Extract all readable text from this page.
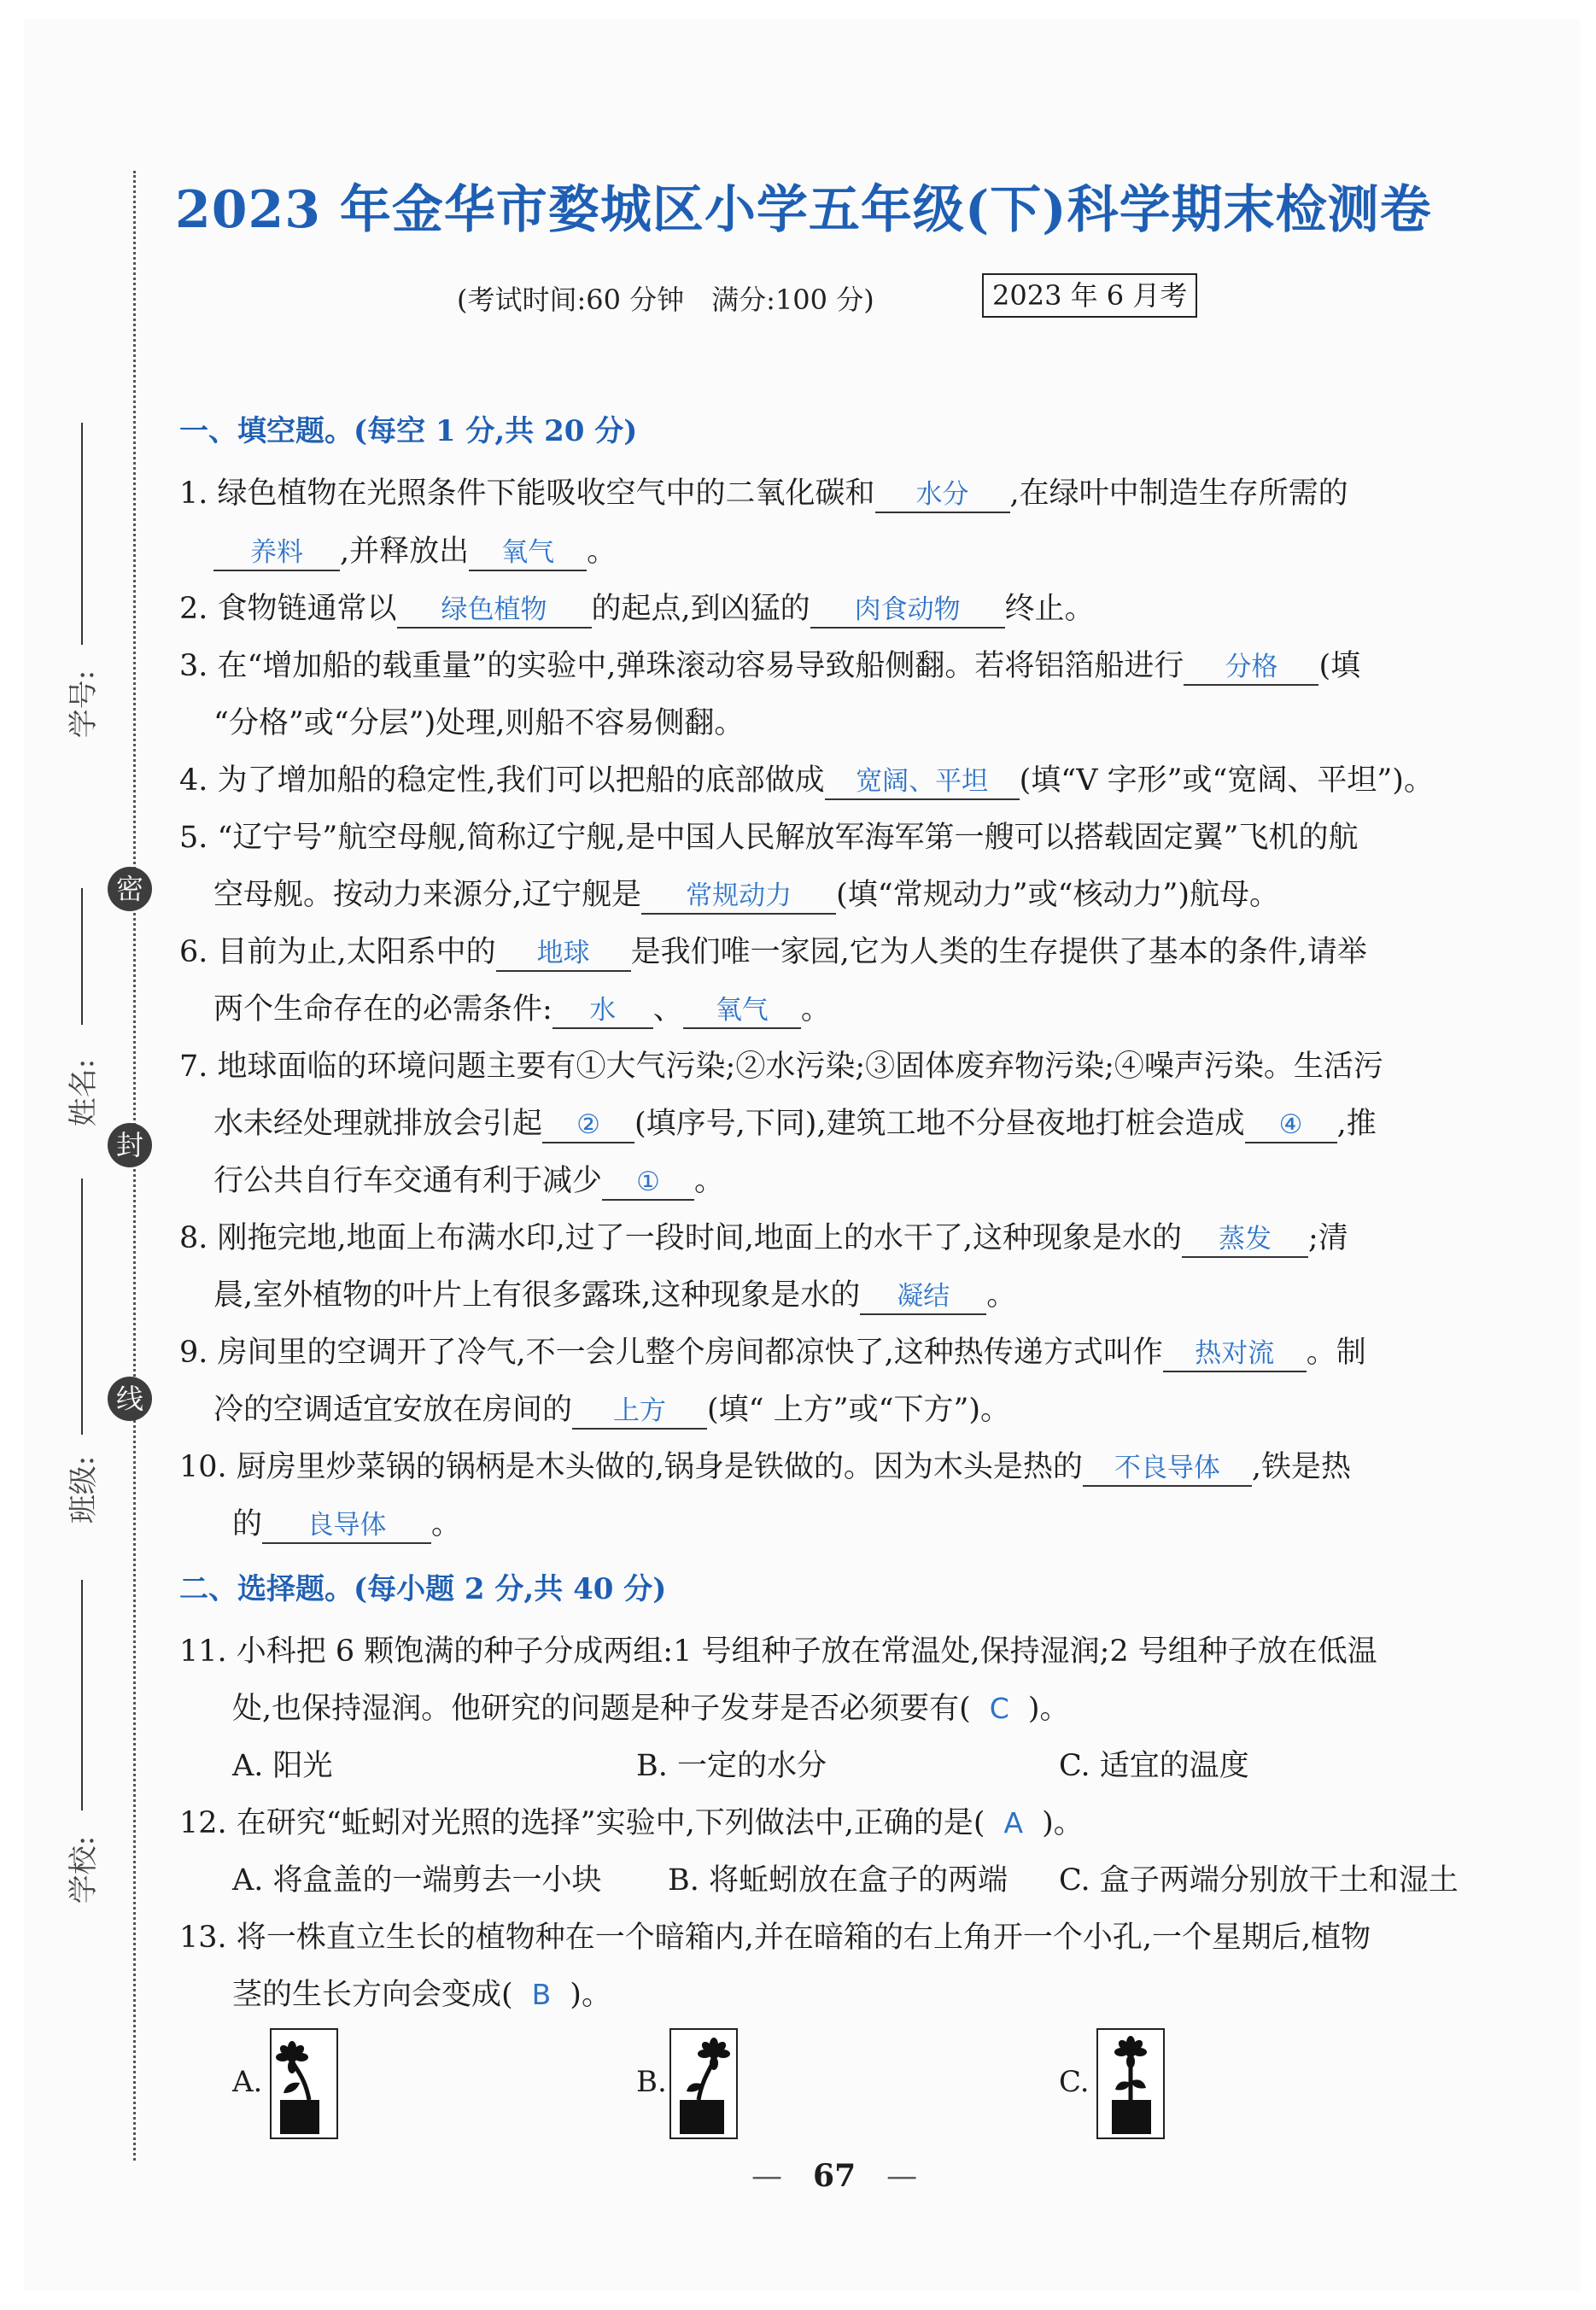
密
封
线
学号:
姓名:
班级:
学校:
2023 年金华市婺城区小学五年级(下)科学期末检测卷
(考试时间:60 分钟　满分:100 分)	2023 年 6 月考
一、填空题。(每空 1 分,共 20 分)
1. 绿色植物在光照条件下能吸收空气中的二氧化碳和 水分 ,在绿叶中制造生存所需的
养料 ,并释放出 氧气 。
2. 食物链通常以 绿色植物 的起点,到凶猛的 肉食动物 终止。
3. 在“增加船的载重量”的实验中,弹珠滚动容易导致船侧翻。若将铝箔船进行 分格 (填
“分格”或“分层”)处理,则船不容易侧翻。
4. 为了增加船的稳定性,我们可以把船的底部做成 宽阔、平坦 (填“V 字形”或“宽阔、平坦”)。
5. “辽宁号”航空母舰,简称辽宁舰,是中国人民解放军海军第一艘可以搭载固定翼”飞机的航
空母舰。按动力来源分,辽宁舰是 常规动力 (填“常规动力”或“核动力”)航母。
6. 目前为止,太阳系中的 地球 是我们唯一家园,它为人类的生存提供了基本的条件,请举
两个生命存在的必需条件: 水 、 氧气 。
7. 地球面临的环境问题主要有①大气污染;②水污染;③固体废弃物污染;④噪声污染。生活污
水未经处理就排放会引起 ② (填序号,下同),建筑工地不分昼夜地打桩会造成 ④ ,推
行公共自行车交通有利于减少 ① 。
8. 刚拖完地,地面上布满水印,过了一段时间,地面上的水干了,这种现象是水的 蒸发 ;清
晨,室外植物的叶片上有很多露珠,这种现象是水的 凝结 。
9. 房间里的空调开了冷气,不一会儿整个房间都凉快了,这种热传递方式叫作 热对流 。制
冷的空调适宜安放在房间的 上方 (填“ 上方”或“下方”)。
10. 厨房里炒菜锅的锅柄是木头做的,锅身是铁做的。因为木头是热的 不良导体 ,铁是热
的 良导体 。
二、选择题。(每小题 2 分,共 40 分)
11. 小科把 6 颗饱满的种子分成两组:1 号组种子放在常温处,保持湿润;2 号组种子放在低温
处,也保持湿润。他研究的问题是种子发芽是否必须要有( C )。
A. 阳光	B. 一定的水分	C. 适宜的温度
12. 在研究“蚯蚓对光照的选择”实验中,下列做法中,正确的是( A )。
A. 将盒盖的一端剪去一小块 B. 将蚯蚓放在盒子的两端 C. 盒子两端分别放干土和湿土
13. 将一株直立生长的植物种在一个暗箱内,并在暗箱的右上角开一个小孔,一个星期后,植物
茎的生长方向会变成( B )。
A.	B.	C.
—　67　—
